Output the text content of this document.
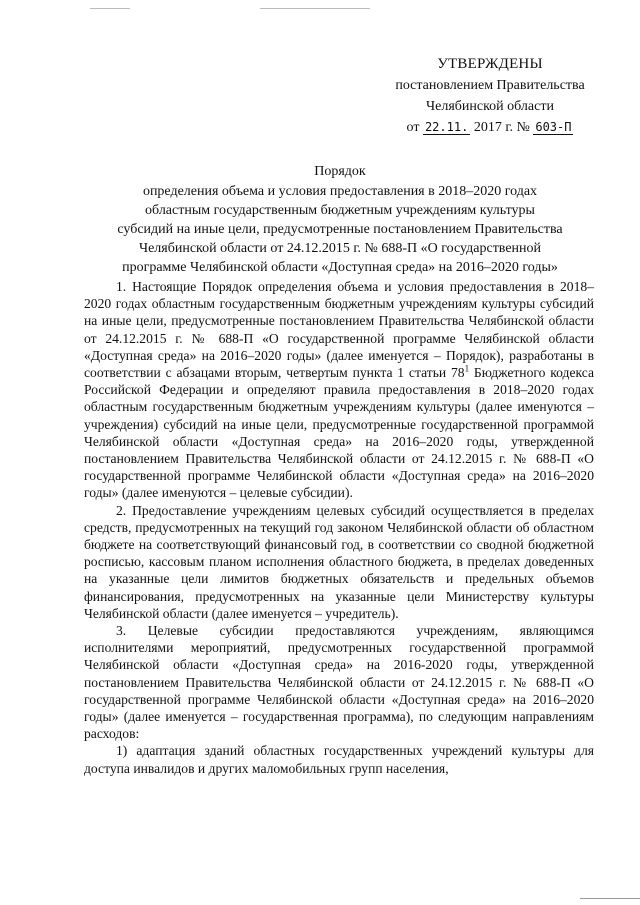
УТВЕРЖДЕНЫ
постановлением Правительства
Челябинской области
от 22.11. 2017 г. № 603-П
Порядок
определения объема и условия предоставления в 2018–2020 годах
областным государственным бюджетным учреждениям культуры
субсидий на иные цели, предусмотренные постановлением Правительства
Челябинской области от 24.12.2015 г. № 688-П «О государственной
программе Челябинской области «Доступная среда» на 2016–2020 годы»

1. Настоящие Порядок определения объема и условия предоставления в 2018–2020 годах областным государственным бюджетным учреждениям культуры субсидий на иные цели, предусмотренные постановлением Правительства Челябинской области от 24.12.2015 г. № 688-П «О государственной программе Челябинской области «Доступная среда» на 2016–2020 годы» (далее именуется – Порядок), разработаны в соответствии с абзацами вторым, четвертым пункта 1 статьи $78^1$ Бюджетного кодекса Российской Федерации и определяют правила предоставления в 2018–2020 годах областным государственным бюджетным учреждениям культуры (далее именуются – учреждения) субсидий на иные цели, предусмотренные государственной программой Челябинской области «Доступная среда» на 2016–2020 годы, утвержденной постановлением Правительства Челябинской области от 24.12.2015 г. № 688-П «О государственной программе Челябинской области «Доступная среда» на 2016–2020 годы» (далее именуются – целевые субсидии).

2. Предоставление учреждениям целевых субсидий осуществляется в пределах средств, предусмотренных на текущий год законом Челябинской области об областном бюджете на соответствующий финансовый год, в соответствии со сводной бюджетной росписью, кассовым планом исполнения областного бюджета, в пределах доведенных на указанные цели лимитов бюджетных обязательств и предельных объемов финансирования, предусмотренных на указанные цели Министерству культуры Челябинской области (далее именуется – учредитель).

3. Целевые субсидии предоставляются учреждениям, являющимся исполнителями мероприятий, предусмотренных государственной программой Челябинской области «Доступная среда» на 2016-2020 годы, утвержденной постановлением Правительства Челябинской области от 24.12.2015 г. № 688-П «О государственной программе Челябинской области «Доступная среда» на 2016–2020 годы» (далее именуется – государственная программа), по следующим направлениям расходов:

1) адаптация зданий областных государственных учреждений культуры для доступа инвалидов и других маломобильных групп населения,
